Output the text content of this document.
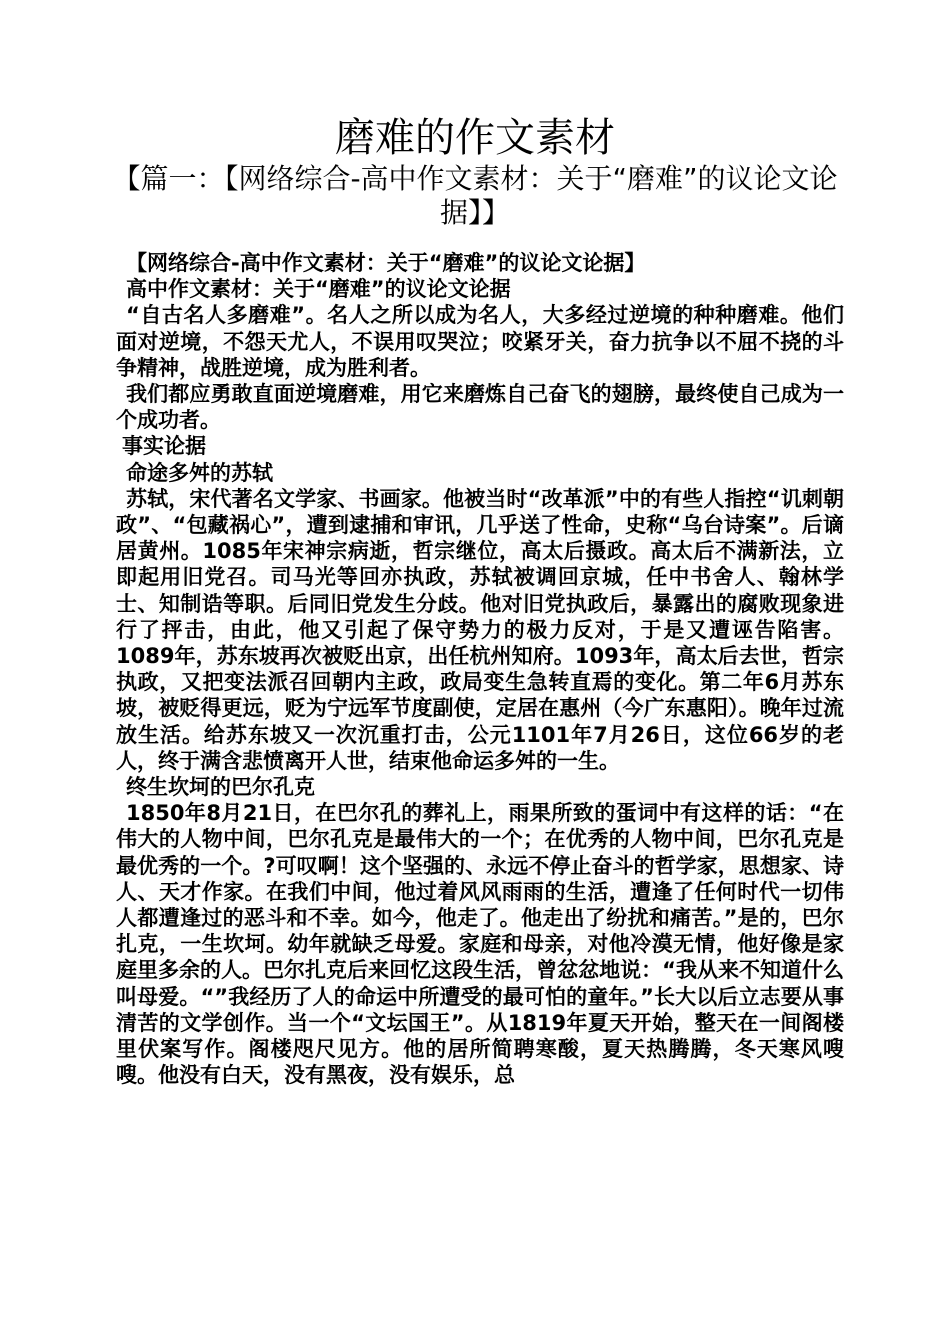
磨难的作文素材
【篇一：【网络综合-高中作文素材：关于“磨难”的议论文论据】】

【网络综合-高中作文素材：关于“磨难”的议论文论据】

高中作文素材：关于“磨难”的议论文论据

“自古名人多磨难”。名人之所以成为名人，大多经过逆境的种种磨难。他们面对逆境，不怨天尤人，不误用叹哭泣；咬紧牙关，奋力抗争以不屈不挠的斗争精神，战胜逆境，成为胜利者。

我们都应勇敢直面逆境磨难，用它来磨炼自己奋飞的翅膀，最终使自己成为一个成功者。

事实论据

命途多舛的苏轼

苏轼，宋代著名文学家、书画家。他被当时“改革派”中的有些人指控“讥刺朝政”、“包藏祸心”，遭到逮捕和审讯，几乎送了性命，史称“乌台诗案”。后谪居黄州。1085年宋神宗病逝，哲宗继位，高太后摄政。高太后不满新法，立即起用旧党召。司马光等回亦执政，苏轼被调回京城，任中书舍人、翰林学士、知制诰等职。后同旧党发生分歧。他对旧党执政后，暴露出的腐败现象进行了抨击，由此，他又引起了保守势力的极力反对，于是又遭诬告陷害。1089年，苏东坡再次被贬出京，出任杭州知府。1093年，高太后去世，哲宗执政，又把变法派召回朝内主政，政局变生急转直焉的变化。第二年6月苏东坡，被贬得更远，贬为宁远军节度副使，定居在惠州（今广东惠阳）。晚年过流放生活。给苏东坡又一次沉重打击，公元1101年7月26日，这位66岁的老人，终于满含悲愤离开人世，结束他命运多舛的一生。

终生坎坷的巴尔孔克

1850年8月21日，在巴尔孔的葬礼上，雨果所致的蛋词中有这样的话：“在伟大的人物中间，巴尔孔克是最伟大的一个；在优秀的人物中间，巴尔孔克是最优秀的一个。?可叹啊！这个坚强的、永远不停止奋斗的哲学家，思想家、诗人、天才作家。在我们中间，他过着风风雨雨的生活，遭逢了任何时代一切伟人都遭逢过的恶斗和不幸。如今，他走了。他走出了纷扰和痛苦。”是的，巴尔扎克，一生坎坷。幼年就缺乏母爱。家庭和母亲，对他冷漠无情，他好像是家庭里多余的人。巴尔扎克后来回忆这段生活，曾忿忿地说：“我从来不知道什么叫母爱。“”我经历了人的命运中所遭受的最可怕的童年。”长大以后立志要从事清苦的文学创作。当一个“文坛国王”。从1819年夏天开始，整天在一间阁楼里伏案写作。阁楼咫尺见方。他的居所简聘寒酸，夏天热腾腾，冬天寒风嗖嗖。他没有白天，没有黑夜，没有娱乐，总
